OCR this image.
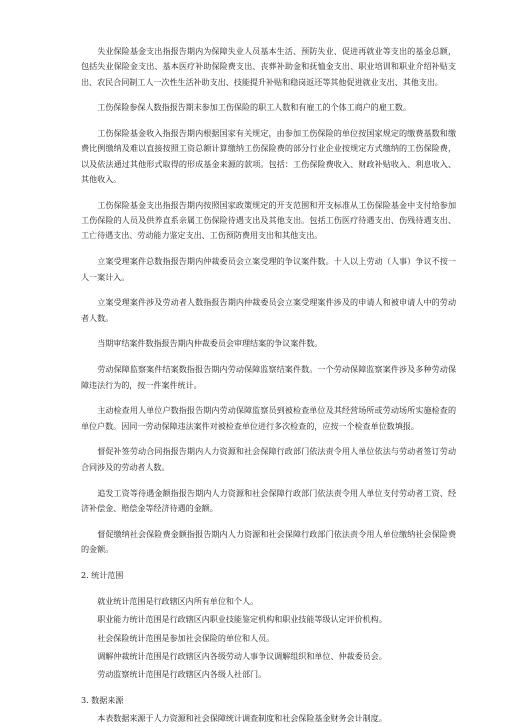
失业保险基金支出指报告期内为保障失业人员基本生活、预防失业、促进再就业等支出的基金总额，包括失业保险金支出、基本医疗补助保险费支出、丧葬补助金和抚恤金支出、职业培训和职业介绍补贴支出、农民合同制工人一次性生活补助支出、技能提升补贴和稳岗返还等其他促进就业支出、其他支出。

工伤保险参保人数指报告期末参加工伤保险的职工人数和有雇工的个体工商户的雇工数。

工伤保险基金收入指报告期内根据国家有关规定，由参加工伤保险的单位按国家规定的缴费基数和缴费比例缴纳及难以直接按照工资总额计算缴纳工伤保险费的部分行业企业按规定方式缴纳的工伤保险费，以及依法通过其他形式取得的形成基金来源的款项。包括：工伤保险费收入、财政补贴收入、利息收入、其他收入。

工伤保险基金支出指报告期内按照国家政策规定的开支范围和开支标准从工伤保险基金中支付给参加工伤保险的人员及供养直系亲属工伤保险待遇支出及其他支出。包括工伤医疗待遇支出、伤残待遇支出、工亡待遇支出、劳动能力鉴定支出、工伤预防费用支出和其他支出。

立案受理案件总数指报告期内仲裁委员会立案受理的争议案件数。十人以上劳动（人事）争议不按一人一案计入。

立案受理案件涉及劳动者人数指报告期内仲裁委员会立案受理案件涉及的申请人和被申请人中的劳动者人数。

当期审结案件数指报告期内仲裁委员会审理结案的争议案件数。

劳动保障监察案件结案数指报告期内劳动保障监察结案件数。一个劳动保障监察案件涉及多种劳动保障违法行为的，按一件案件统计。

主动检查用人单位户数指报告期内劳动保障监察员到被检查单位及其经营场所或劳动场所实施检查的单位户数。因同一劳动保障违法案件对被检查单位进行多次检查的，应按一个检查单位数填报。

督促补签劳动合同指报告期内人力资源和社会保障行政部门依法责令用人单位依法与劳动者签订劳动合同涉及的劳动者人数。

追发工资等待遇金额指报告期内人力资源和社会保障行政部门依法责令用人单位支付劳动者工资、经济补偿金、赔偿金等经济待遇的金额。

督促缴纳社会保险费金额指报告期内人力资源和社会保障行政部门依法责令用人单位缴纳社会保险费的金额。

2. 统计范围

就业统计范围是行政辖区内所有单位和个人。

职业能力统计范围是行政辖区内职业技能鉴定机构和职业技能等级认定评价机构。

社会保险统计范围是参加社会保险的单位和人员。

调解仲裁统计范围是行政辖区内各级劳动人事争议调解组织和单位、仲裁委员会。

劳动监察统计范围是行政辖区内各级人社部门。

3. 数据来源

本表数据来源于人力资源和社会保障统计调查制度和社会保险基金财务会计制度。
